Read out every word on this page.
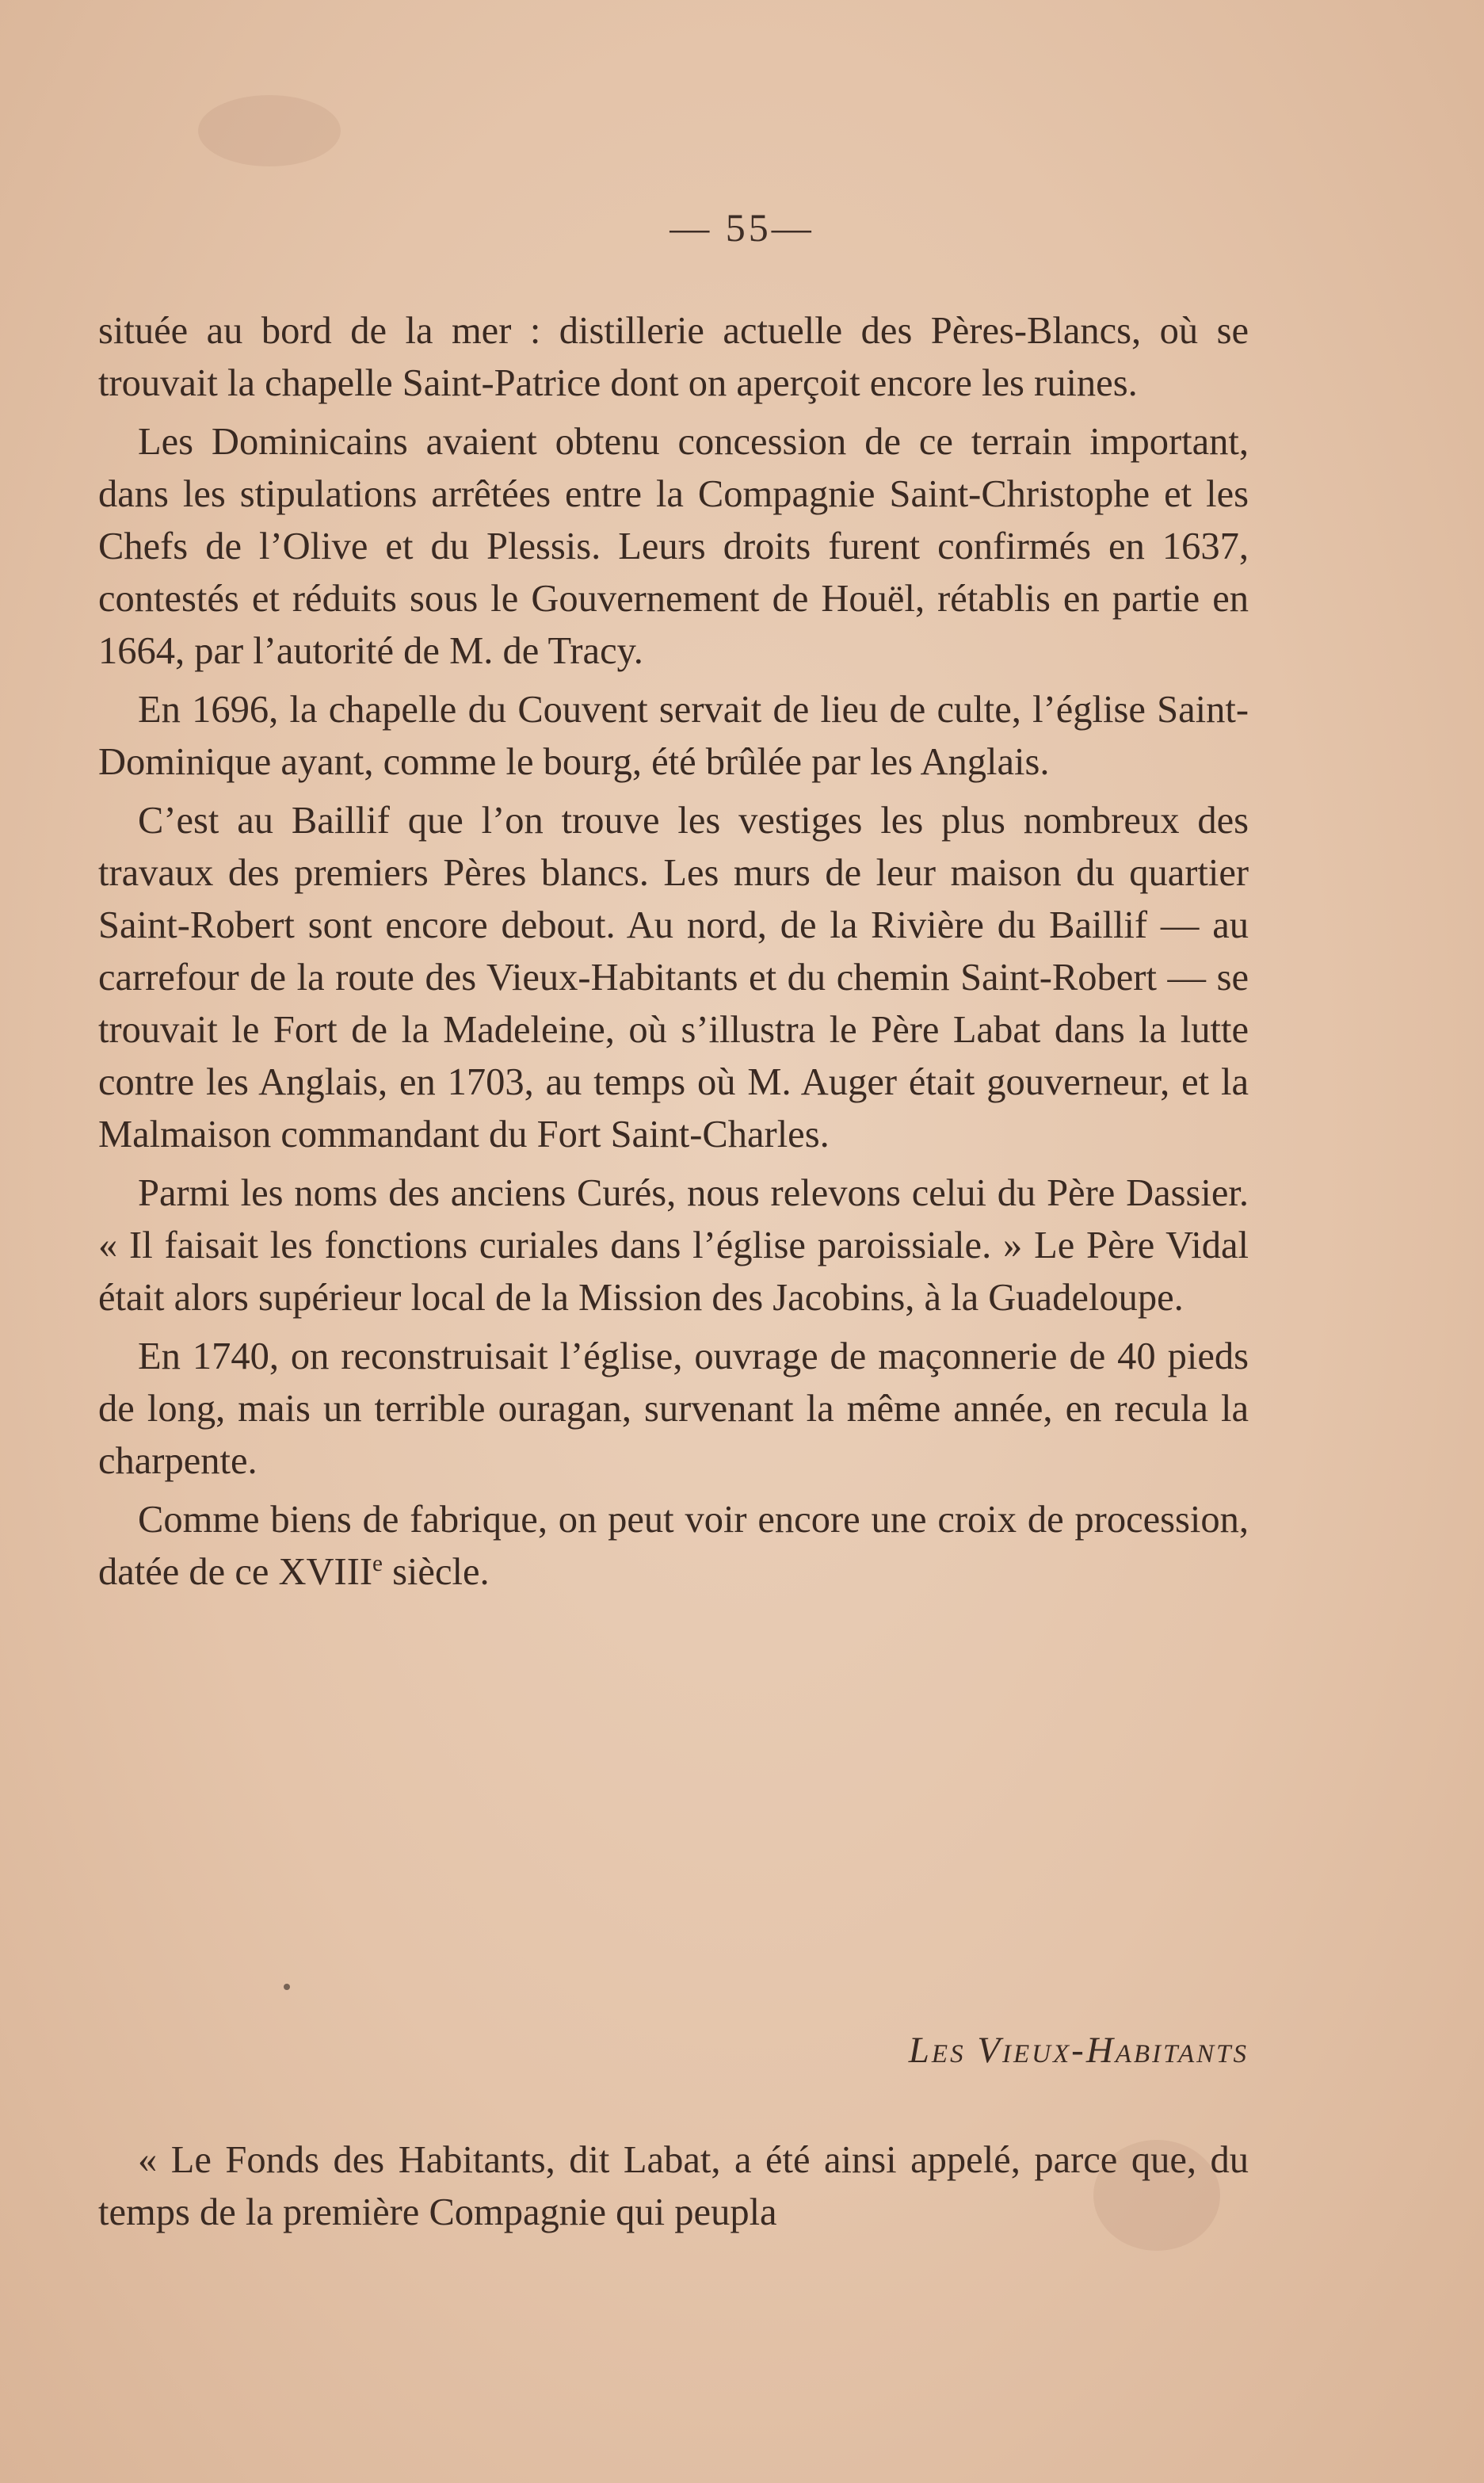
— 55—

située au bord de la mer : distillerie actuelle des Pères-Blancs, où se trouvait la chapelle Saint-Patrice dont on aperçoit encore les ruines.

Les Dominicains avaient obtenu concession de ce terrain important, dans les stipulations arrêtées entre la Compagnie Saint-Christophe et les Chefs de l’Olive et du Plessis. Leurs droits furent confirmés en 1637, contestés et réduits sous le Gouvernement de Houël, rétablis en partie en 1664, par l’autorité de M. de Tracy.

En 1696, la chapelle du Couvent servait de lieu de culte, l’église Saint-Dominique ayant, comme le bourg, été brûlée par les Anglais.

C’est au Baillif que l’on trouve les vestiges les plus nombreux des travaux des premiers Pères blancs. Les murs de leur maison du quartier Saint-Robert sont encore debout. Au nord, de la Rivière du Baillif — au carrefour de la route des Vieux-Habitants et du chemin Saint-Robert — se trouvait le Fort de la Madeleine, où s’illustra le Père Labat dans la lutte contre les Anglais, en 1703, au temps où M. Auger était gouverneur, et la Malmaison commandant du Fort Saint-Charles.

Parmi les noms des anciens Curés, nous relevons celui du Père Dassier. « Il faisait les fonctions curiales dans l’église paroissiale. » Le Père Vidal était alors supérieur local de la Mission des Jacobins, à la Guadeloupe.

En 1740, on reconstruisait l’église, ouvrage de maçonnerie de 40 pieds de long, mais un terrible ouragan, survenant la même année, en recula la charpente.

Comme biens de fabrique, on peut voir encore une croix de procession, datée de ce XVIIIe siècle.

Les Vieux-Habitants

« Le Fonds des Habitants, dit Labat, a été ainsi appelé, parce que, du temps de la première Compagnie qui peupla
